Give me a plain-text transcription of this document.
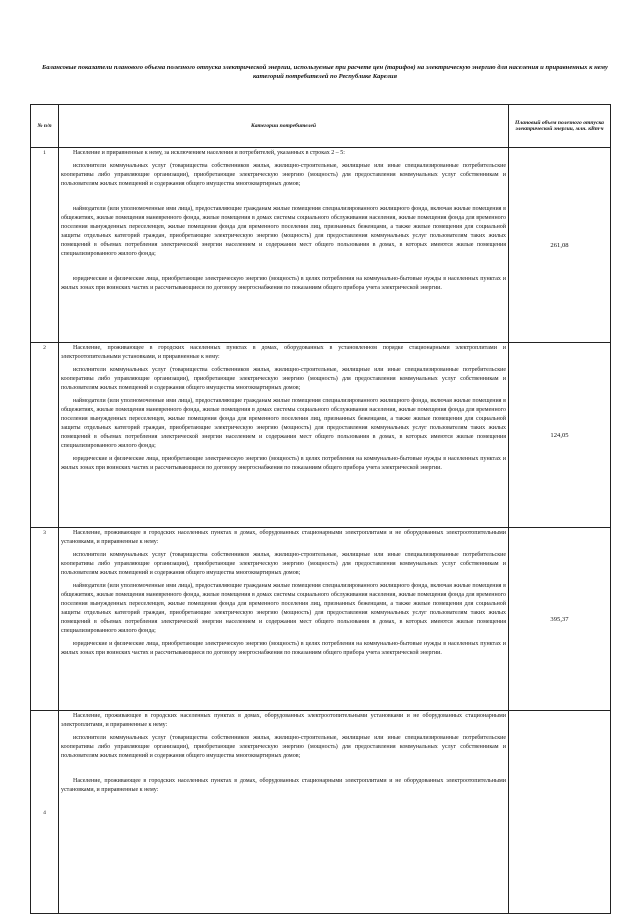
Балансовые показатели планового объема полезного отпуска электрической энергии, используемые при расчете цен (тарифов) на электрическую энергию для населения и приравненных к нему категорий потребителей по Республике Карелия
№ п/п	Категории потребителей	Плановый объем полезного отпуска электрической энергии, млн. кВт·ч
1	Население и приравненные к нему, за исключением населения и потребителей, указанных в строках 2 – 5:

исполнители коммунальных услуг (товарищества собственников жилья, жилищно-строительные, жилищные или иные специализированные потребительские кооперативы либо управляющие организации), приобретающие электрическую энергию (мощность) для предоставления коммунальных услуг собственникам и пользователям жилых помещений и содержания общего имущества многоквартирных домов;

наймодатели (или уполномоченные ими лица), предоставляющие гражданам жилые помещения специализированного жилищного фонда, включая жилые помещения в общежитиях, жилые помещения маневренного фонда, жилые помещения в домах системы социального обслуживания населения, жилые помещения фонда для временного поселения вынужденных переселенцев, жилые помещения фонда для временного поселения лиц, признанных беженцами, а также жилые помещения для социальной защиты отдельных категорий граждан, приобретающие электрическую энергию (мощность) для предоставления коммунальных услуг пользователям таких жилых помещений в объемах потребления электрической энергии населением и содержания мест общего пользования в домах, в которых имеются жилые помещения специализированного жилого фонда;

юридические и физические лица, приобретающие электрическую энергию (мощность) в целях потребления на коммунально-бытовые нужды в населенных пунктах и жилых зонах при воинских частях и рассчитывающиеся по договору энергоснабжения по показаниям общего прибора учета электрической энергии.	261,08
2	Население, проживающее в городских населенных пунктах в домах, оборудованных в установленном порядке стационарными электроплитами и электроотопительными установками, и приравненные к нему:

исполнители коммунальных услуг (товарищества собственников жилья, жилищно-строительные, жилищные или иные специализированные потребительские кооперативы либо управляющие организации), приобретающие электрическую энергию (мощность) для предоставления коммунальных услуг собственникам и пользователям жилых помещений и содержания общего имущества многоквартирных домов;

наймодатели (или уполномоченные ими лица), предоставляющие гражданам жилые помещения специализированного жилищного фонда, включая жилые помещения в общежитиях, жилые помещения маневренного фонда, жилые помещения в домах системы социального обслуживания населения, жилые помещения фонда для временного поселения вынужденных переселенцев, жилые помещения фонда для временного поселения лиц, признанных беженцами, а также жилые помещения для социальной защиты отдельных категорий граждан, приобретающие электрическую энергию (мощность) для предоставления коммунальных услуг пользователям таких жилых помещений в объемах потребления электрической энергии населением и содержания мест общего пользования в домах, в которых имеются жилые помещения специализированного жилого фонда;

юридические и физические лица, приобретающие электрическую энергию (мощность) в целях потребления на коммунально-бытовые нужды в населенных пунктах и жилых зонах при воинских частях и рассчитывающиеся по договору энергоснабжения по показаниям общего прибора учета электрической энергии.	124,05
3	Население, проживающее в городских населенных пунктах в домах, оборудованных стационарными электроплитами и не оборудованных электроотопительными установками, и приравненные к нему:

исполнители коммунальных услуг (товарищества собственников жилья, жилищно-строительные, жилищные или иные специализированные потребительские кооперативы либо управляющие организации), приобретающие электрическую энергию (мощность) для предоставления коммунальных услуг собственникам и пользователям жилых помещений и содержания общего имущества многоквартирных домов;

наймодатели (или уполномоченные ими лица), предоставляющие гражданам жилые помещения специализированного жилищного фонда, включая жилые помещения в общежитиях, жилые помещения маневренного фонда, жилые помещения в домах системы социального обслуживания населения, жилые помещения фонда для временного поселения вынужденных переселенцев, жилые помещения фонда для временного поселения лиц, признанных беженцами, а также жилые помещения для социальной защиты отдельных категорий граждан, приобретающие электрическую энергию (мощность) для предоставления коммунальных услуг пользователям таких жилых помещений в объемах потребления электрической энергии населением и содержания мест общего пользования в домах, в которых имеются жилые помещения специализированного жилого фонда;

юридические и физические лица, приобретающие электрическую энергию (мощность) в целях потребления на коммунально-бытовые нужды в населенных пунктах и жилых зонах при воинских частях и рассчитывающиеся по договору энергоснабжения по показаниям общего прибора учета электрической энергии.	395,37
4	Население, проживающее в городских населенных пунктах в домах, оборудованных электроотопительными установками и не оборудованных стационарными электроплитами, и приравненные к нему:

исполнители коммунальных услуг (товарищества собственников жилья, жилищно-строительные, жилищные или иные специализированные потребительские кооперативы либо управляющие организации), приобретающие электрическую энергию (мощность) для предоставления коммунальных услуг собственникам и пользователям жилых помещений и содержания общего имущества многоквартирных домов;

Население, проживающее в городских населенных пунктах в домах, оборудованных стационарными электроплитами и не оборудованных электроотопительными установками, и приравненные к нему:	
